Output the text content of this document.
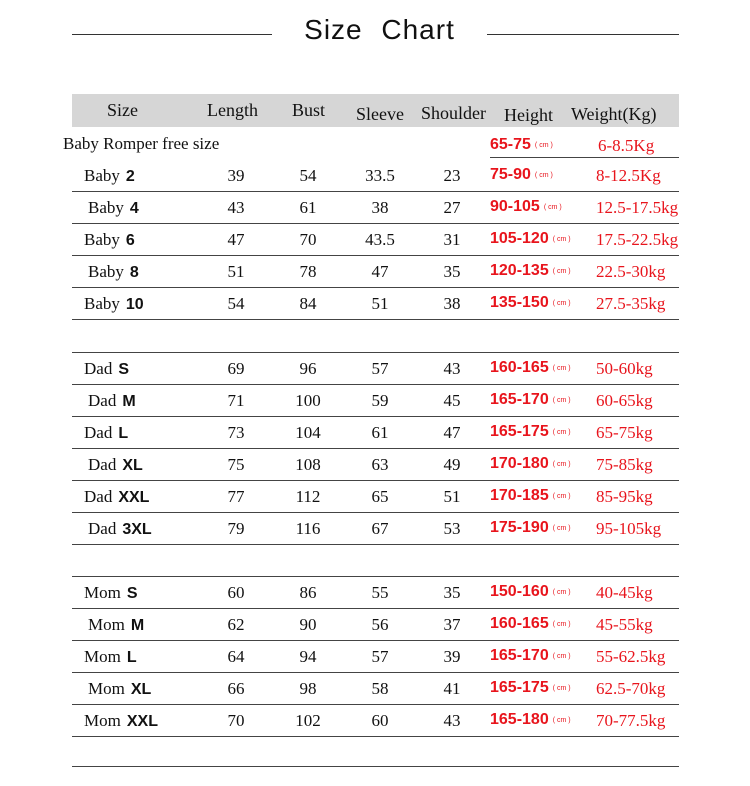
Size Chart
Size	Length Bust Sleeve Shoulder Height Weight(Kg)
Baby Romper free size	65-75 ( cm )	6-8.5Kg
Baby 2	39	54	33.5	23	75-90 ( cm )	8-12.5Kg
Baby 4	43	61	38	27	90-105 ( cm ) 12.5-17.5kg
Baby 6	47	70	43.5	31	105-120 ( cm ) 17.5-22.5kg
Baby 8	51	78	47	35	120-135 ( cm ) 22.5-30kg
Baby 10	54	84	51	38	135-150 ( cm ) 27.5-35kg
Dad S	69	96	57	43	160-165 ( cm ) 50-60kg
Dad M	71	100	59	45	165-170 ( cm ) 60-65kg
Dad L	73	104	61	47	165-175 ( cm ) 65-75kg
Dad XL	75	108	63	49	170-180 ( cm ) 75-85kg
Dad XXL	77	112	65	51	170-185 ( cm ) 85-95kg
Dad 3XL	79	116	67	53	175-190 ( cm ) 95-105kg
Mom S	60	86	55	35	150-160 ( cm ) 40-45kg
Mom M	62	90	56	37	160-165 ( cm ) 45-55kg
Mom L	64	94	57	39	165-170 ( cm ) 55-62.5kg
Mom XL	66	98	58	41	165-175 ( cm ) 62.5-70kg
Mom XXL	70	102	60	43	165-180 ( cm ) 70-77.5kg
